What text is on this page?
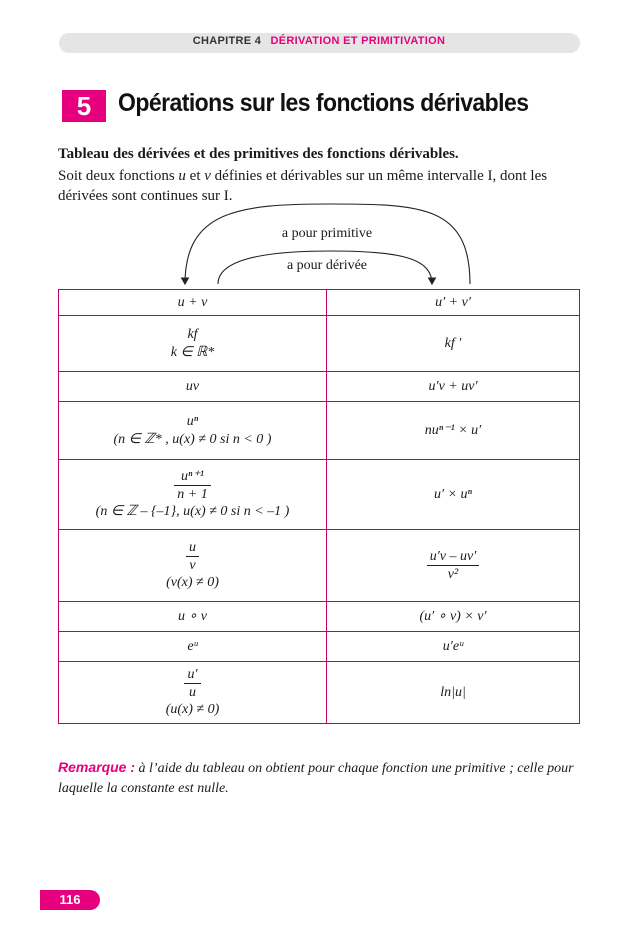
CHAPITRE 4 DÉRIVATION ET PRIMITIVATION
5	Opérations sur les fonctions dérivables
Tableau des dérivées et des primitives des fonctions dérivables.
Soit deux fonctions u et v définies et dérivables sur un même intervalle I, dont les dérivées sont continues sur I.
a pour primitive
a pour dérivée
u + v	u′ + v′

kf
k ∈ ℝ*	kf ′
uv	u′v + uv′

uⁿ
(n ∈ ℤ* , u(x) ≠ 0 si n < 0 )	nuⁿ⁻¹ × u′

$\frac{\text{uⁿ⁺¹}}{n + 1}$
(n ∈ ℤ – {–1}, u(x) ≠ 0 si n < –1 )	u′ × uⁿ

$\frac{u}{v}$
(v(x) ≠ 0)	$\frac{u'v - uv'}{\text{v²}}$

u ∘ v	(u′ ∘ v) × v′
eᵘ	u′eᵘ

$\frac{u'}{u}$
(u(x) ≠ 0)	ln|u|
Remarque : à l’aide du tableau on obtient pour chaque fonction une primitive ; celle pour laquelle la constante est nulle.
116
